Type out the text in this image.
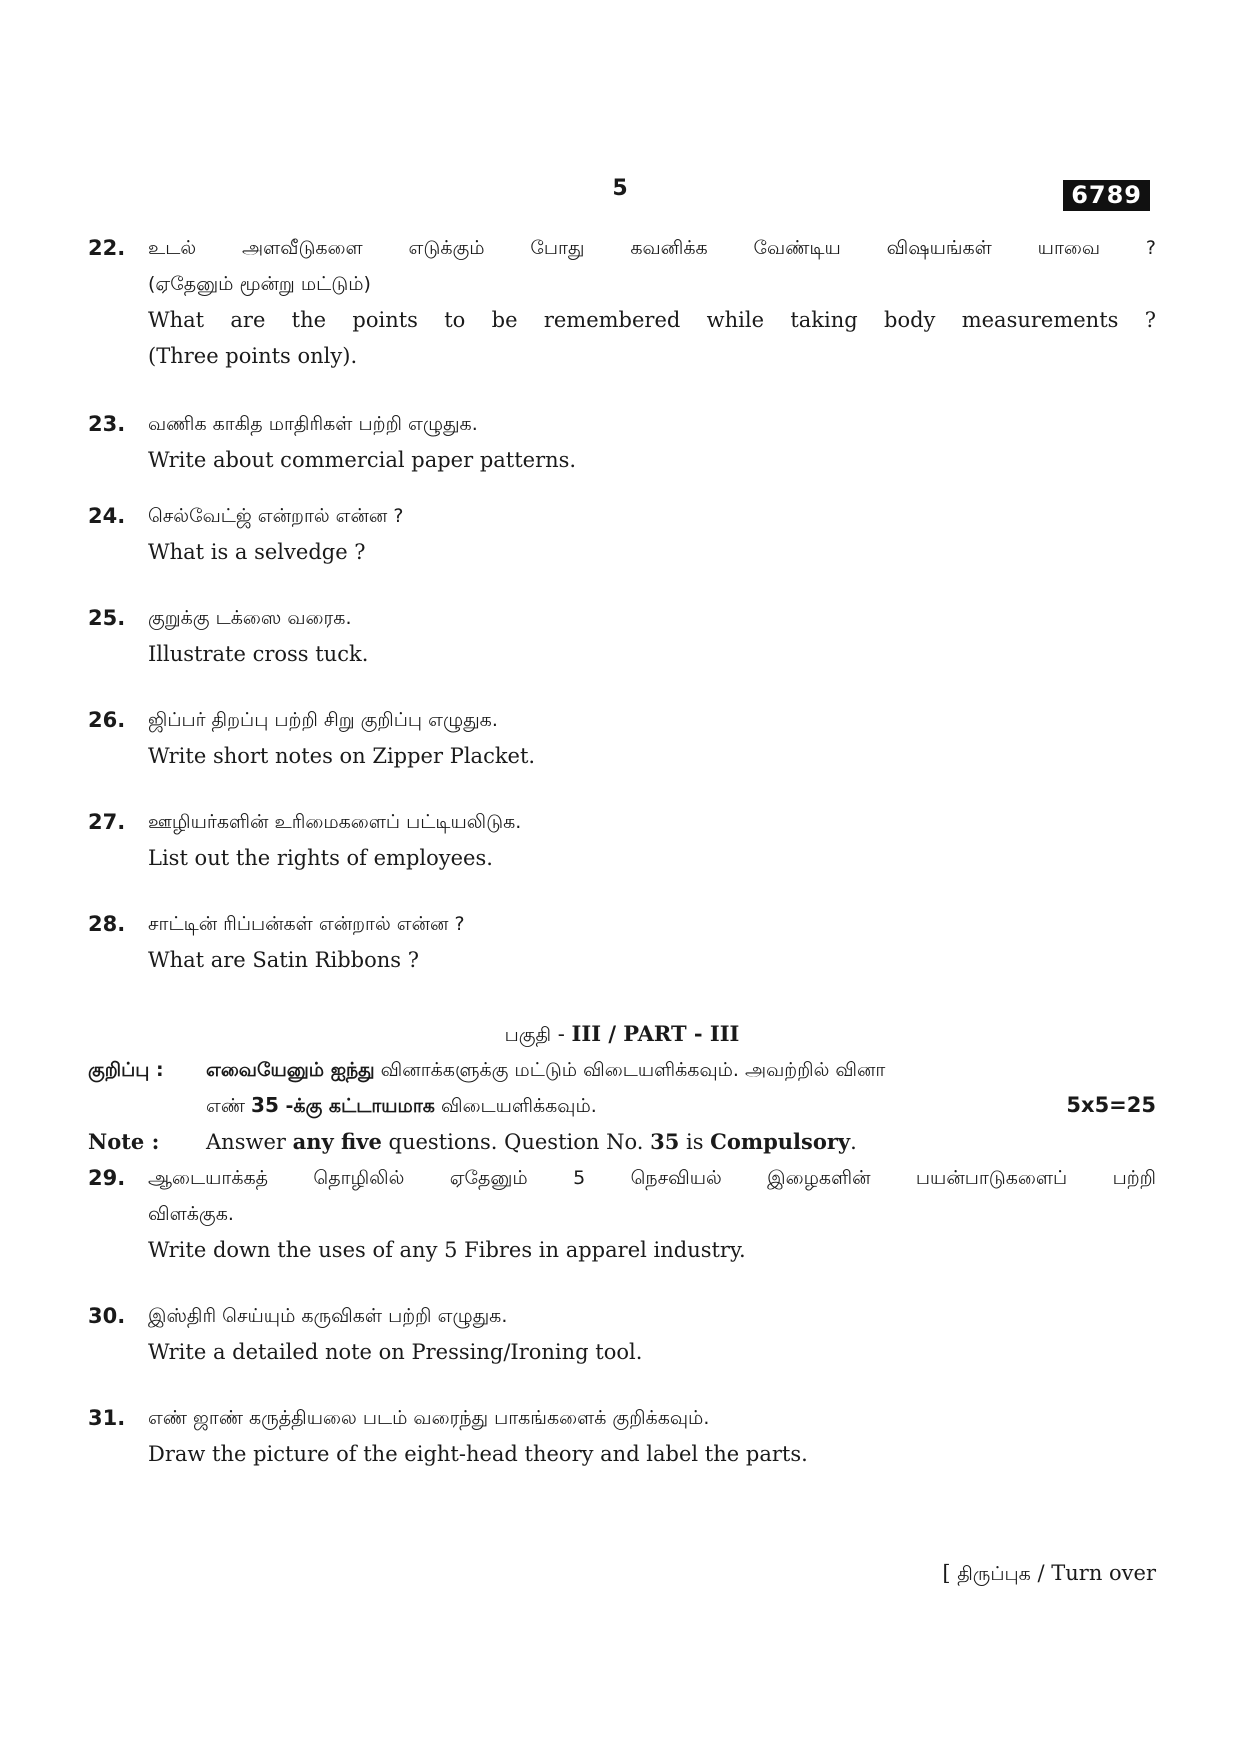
5	6789
22. உடல் அளவீடுகளை எடுக்கும் போது கவனிக்க வேண்டிய விஷயங்கள் யாவை ?
(ஏதேனும் மூன்று மட்டும்)
What are the points to be remembered while taking body measurements ?
(Three points only).
23. வணிக காகித மாதிரிகள் பற்றி எழுதுக.
Write about commercial paper patterns.
24. செல்வேட்ஜ் என்றால் என்ன ?
What is a selvedge ?
25. குறுக்கு டக்ஸை வரைக.
Illustrate cross tuck.
26. ஜிப்பர் திறப்பு பற்றி சிறு குறிப்பு எழுதுக.
Write short notes on Zipper Placket.
27. ஊழியர்களின் உரிமைகளைப் பட்டியலிடுக.
List out the rights of employees.
28. சாட்டின் ரிப்பன்கள் என்றால் என்ன ?
What are Satin Ribbons ?
பகுதி - III / PART - III
குறிப்பு : எவையேனும் ஐந்து வினாக்களுக்கு மட்டும் விடையளிக்கவும். அவற்றில் வினா
எண் 35 -க்கு கட்டாயமாக விடையளிக்கவும்.	5x5=25
Note : Answer any five questions. Question No. 35 is Compulsory.
29. ஆடையாக்கத் தொழிலில் ஏதேனும் 5 நெசவியல் இழைகளின் பயன்பாடுகளைப் பற்றி
விளக்குக.
Write down the uses of any 5 Fibres in apparel industry.
30. இஸ்திரி செய்யும் கருவிகள் பற்றி எழுதுக.
Write a detailed note on Pressing/Ironing tool.
31. எண் ஜாண் கருத்தியலை படம் வரைந்து பாகங்களைக் குறிக்கவும்.
Draw the picture of the eight-head theory and label the parts.
[ திருப்புக / Turn over
